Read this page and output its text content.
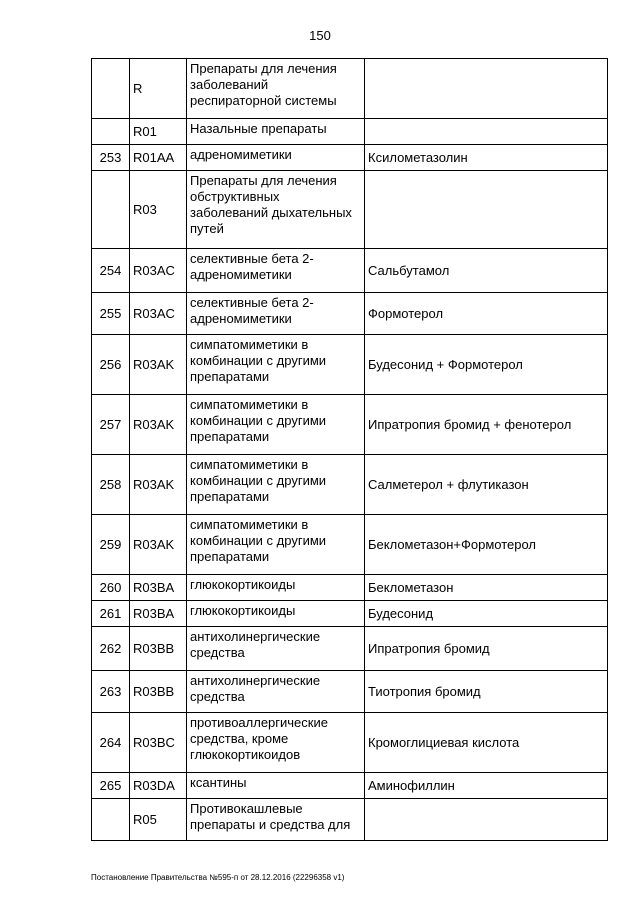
150
	R	Препараты для лечения заболеваний респираторной системы	
	R01	Назальные препараты	
253	R01AA	адреномиметики	Ксилометазолин
	R03	Препараты для лечения обструктивных заболеваний дыхательных путей	
254	R03AC	селективные бета 2-адреномиметики	Сальбутамол
255	R03AC	селективные бета 2-адреномиметики	Формотерол
256	R03AK	симпатомиметики в комбинации с другими препаратами	Будесонид + Формотерол
257	R03AK	симпатомиметики в комбинации с другими препаратами	Ипратропия бромид + фенотерол
258	R03AK	симпатомиметики в комбинации с другими препаратами	Салметерол + флутиказон
259	R03AK	симпатомиметики в комбинации с другими препаратами	Беклометазон+Формотерол
260	R03BA	глюкокортикоиды	Беклометазон
261	R03BA	глюкокортикоиды	Будесонид
262	R03BB	антихолинергические средства	Ипратропия бромид
263	R03BB	антихолинергические средства	Тиотропия бромид
264	R03BC	противоаллергические средства, кроме глюкокортикоидов	Кромоглициевая кислота
265	R03DA	ксантины	Аминофиллин
	R05	Противокашлевые препараты и средства для	
Постановление Правительства №595-п от 28.12.2016 (22296358 v1)
